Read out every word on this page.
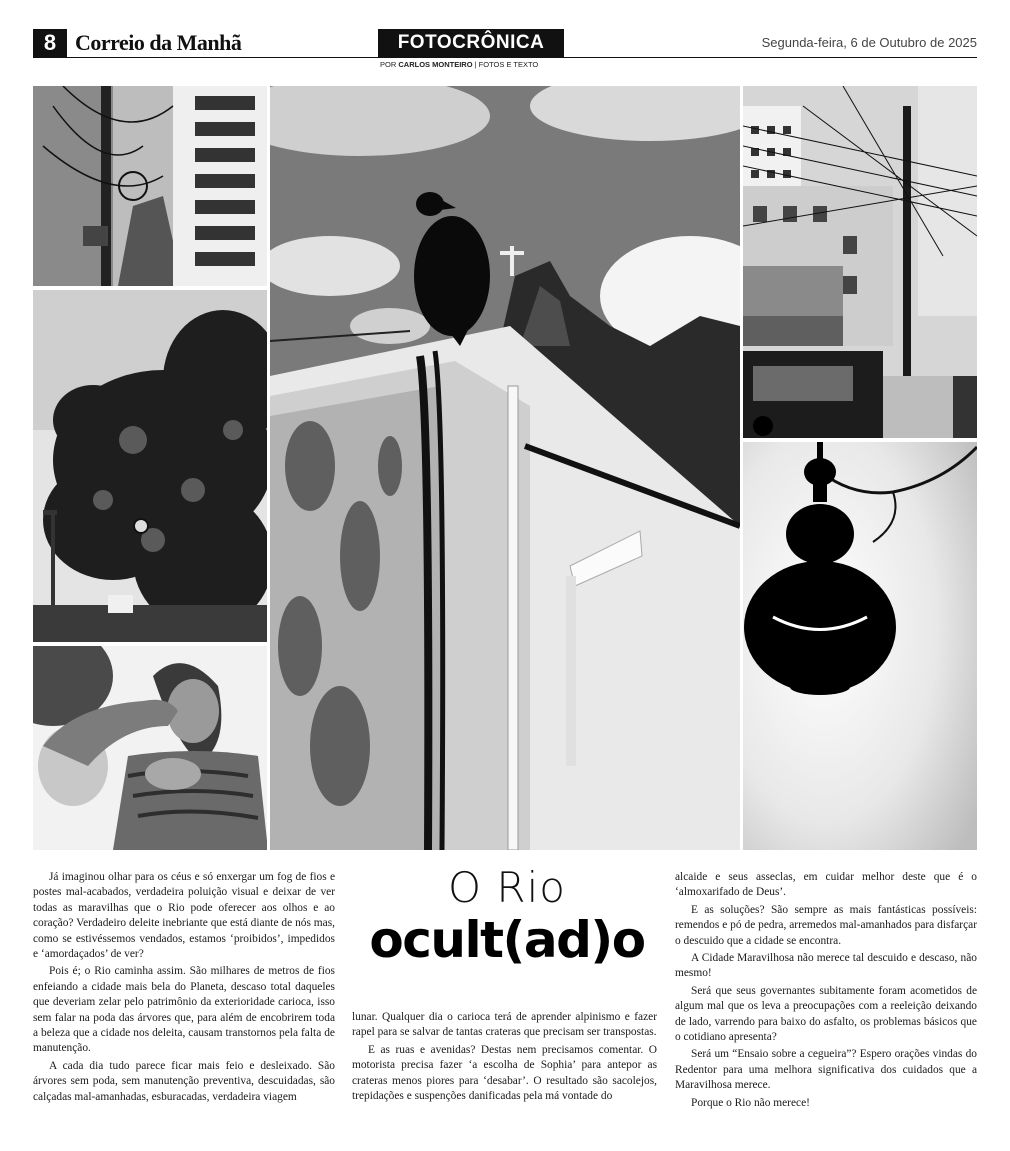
8 Correio da Manhã	FOTOCRÔNICA
POR CARLOS MONTEIRO | FOTOS E TEXTO
Segunda-feira, 6 de Outubro de 2025
O Rio
ocult(ad)o

Já imaginou olhar para os céus e só enxergar um fog de fios e postes mal-acabados, verdadeira poluição visual e deixar de ver todas as maravilhas que o Rio pode oferecer aos olhos e ao coração? Verdadeiro deleite inebriante que está diante de nós mas, como se estivéssemos vendados, estamos ‘proibidos’, impedidos e ‘amordaçados’ de ver?

Pois é; o Rio caminha assim. São milhares de metros de fios enfeiando a cidade mais bela do Planeta, descaso total daqueles que deveriam zelar pelo patrimônio da exterioridade carioca, isso sem falar na poda das árvores que, para além de encobrirem toda a beleza que a cidade nos deleita, causam transtornos pela falta de manutenção.

A cada dia tudo parece ficar mais feio e desleixado. São árvores sem poda, sem manutenção preventiva, descuidadas, são calçadas mal-amanhadas, esburacadas, verdadeira viagem

lunar. Qualquer dia o carioca terá de aprender alpinismo e fazer rapel para se salvar de tantas crateras que precisam ser transpostas.

E as ruas e avenidas? Destas nem precisamos comentar. O motorista precisa fazer ‘a escolha de Sophia’ para antepor as crateras menos piores para ‘desabar’. O resultado são sacolejos, trepidações e suspenções danificadas pela má vontade do

alcaide e seus asseclas, em cuidar melhor deste que é o ‘almoxarifado de Deus’.

E as soluções? São sempre as mais fantásticas possíveis: remendos e pó de pedra, arremedos mal-amanhados para disfarçar o descuido que a cidade se encontra.

A Cidade Maravilhosa não merece tal descuido e descaso, não mesmo!

Será que seus governantes subitamente foram acometidos de algum mal que os leva a preocupações com a reeleição deixando de lado, varrendo para baixo do asfalto, os problemas básicos que o cotidiano apresenta?

Será um “Ensaio sobre a cegueira”? Espero orações vindas do Redentor para uma melhora significativa dos cuidados que a Maravilhosa merece.

Porque o Rio não merece!
